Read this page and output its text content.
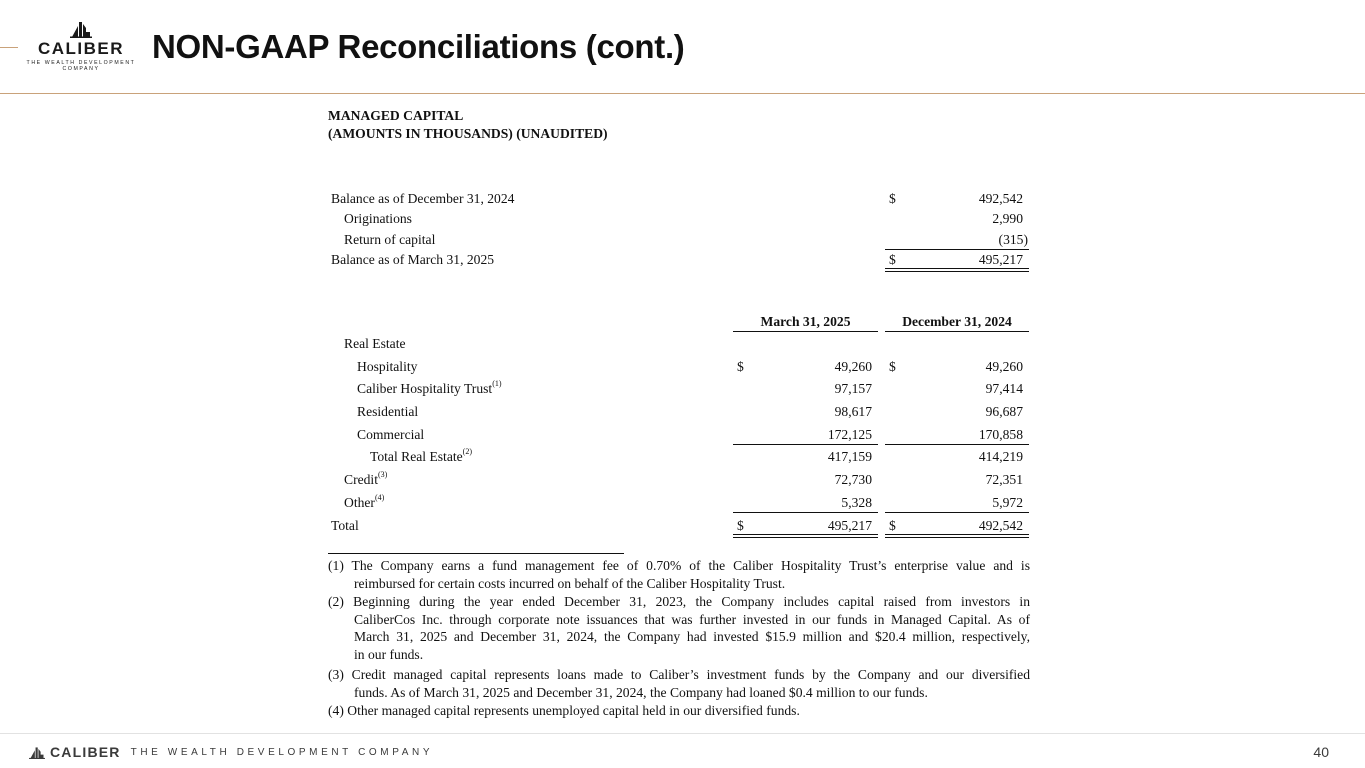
CALIBER
THE WEALTH DEVELOPMENT
COMPANY
NON-GAAP Reconciliations (cont.)
MANAGED CAPITAL
(AMOUNTS IN THOUSANDS) (UNAUDITED)
Balance as of December 31, 2024	$	492,542
Originations	2,990
Return of capital	(315)
Balance as of March 31, 2025	$	495,217
March 31, 2025	December 31, 2024
Real Estate
Hospitality	$	49,260 $	49,260
Caliber Hospitality Trust$^{(1)}$	97,157	97,414
Residential	98,617	96,687
Commercial	172,125	170,858
Total Real Estate$^{(2)}$	417,159	414,219
Credit$^{(3)}$	72,730	72,351
Other$^{(4)}$	5,328	5,972
Total	$	495,217 $	492,542
(1) The Company earns a fund management fee of 0.70% of the Caliber Hospitality Trust’s enterprise value and is
reimbursed for certain costs incurred on behalf of the Caliber Hospitality Trust.
(2) Beginning during the year ended December 31, 2023, the Company includes capital raised from investors in
CaliberCos Inc. through corporate note issuances that was further invested in our funds in Managed Capital. As of
March 31, 2025 and December 31, 2024, the Company had invested $15.9 million and $20.4 million, respectively,
in our funds.
(3) Credit managed capital represents loans made to Caliber’s investment funds by the Company and our diversified
funds. As of March 31, 2025 and December 31, 2024, the Company had loaned $0.4 million to our funds.
(4) Other managed capital represents unemployed capital held in our diversified funds.
CALIBER THE WEALTH DEVELOPMENT COMPANY	40
